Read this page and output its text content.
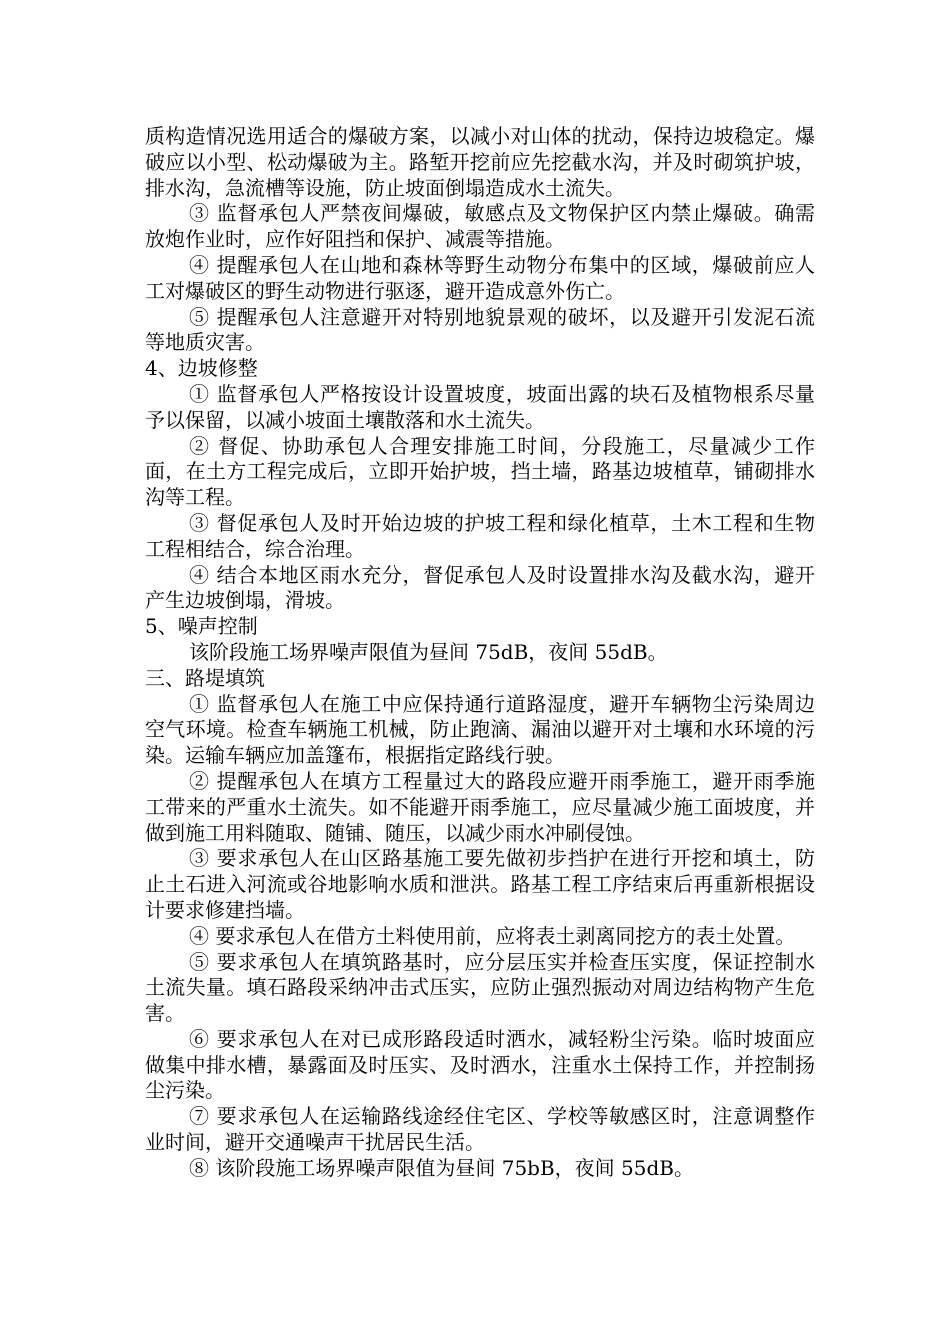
质构造情况选用适合的爆破方案，以减小对山体的扰动，保持边坡稳定。爆破应以小型、松动爆破为主。路堑开挖前应先挖截水沟，并及时砌筑护坡，排水沟，急流槽等设施，防止坡面倒塌造成水土流失。

③ 监督承包人严禁夜间爆破，敏感点及文物保护区内禁止爆破。确需放炮作业时，应作好阻挡和保护、减震等措施。

④ 提醒承包人在山地和森林等野生动物分布集中的区域，爆破前应人工对爆破区的野生动物进行驱逐，避开造成意外伤亡。

⑤ 提醒承包人注意避开对特别地貌景观的破坏，以及避开引发泥石流等地质灾害。

4、边坡修整

① 监督承包人严格按设计设置坡度，坡面出露的块石及植物根系尽量予以保留，以减小坡面土壤散落和水土流失。

② 督促、协助承包人合理安排施工时间，分段施工，尽量减少工作面，在土方工程完成后，立即开始护坡，挡土墙，路基边坡植草，铺砌排水沟等工程。

③ 督促承包人及时开始边坡的护坡工程和绿化植草，土木工程和生物工程相结合，综合治理。

④ 结合本地区雨水充分，督促承包人及时设置排水沟及截水沟，避开产生边坡倒塌，滑坡。

5、噪声控制

该阶段施工场界噪声限值为昼间 75dB，夜间 55dB。

三、路堤填筑

① 监督承包人在施工中应保持通行道路湿度，避开车辆物尘污染周边空气环境。检查车辆施工机械，防止跑滴、漏油以避开对土壤和水环境的污染。运输车辆应加盖篷布，根据指定路线行驶。

② 提醒承包人在填方工程量过大的路段应避开雨季施工，避开雨季施工带来的严重水土流失。如不能避开雨季施工，应尽量减少施工面坡度，并做到施工用料随取、随铺、随压，以减少雨水冲刷侵蚀。

③ 要求承包人在山区路基施工要先做初步挡护在进行开挖和填土，防止土石进入河流或谷地影响水质和泄洪。路基工程工序结束后再重新根据设计要求修建挡墙。

④ 要求承包人在借方土料使用前，应将表土剥离同挖方的表土处置。

⑤ 要求承包人在填筑路基时，应分层压实并检查压实度，保证控制水土流失量。填石路段采纳冲击式压实，应防止强烈振动对周边结构物产生危害。

⑥ 要求承包人在对已成形路段适时洒水，减轻粉尘污染。临时坡面应做集中排水槽，暴露面及时压实、及时洒水，注重水土保持工作，并控制扬尘污染。

⑦ 要求承包人在运输路线途经住宅区、学校等敏感区时，注意调整作业时间，避开交通噪声干扰居民生活。

⑧ 该阶段施工场界噪声限值为昼间 75bB，夜间 55dB。
